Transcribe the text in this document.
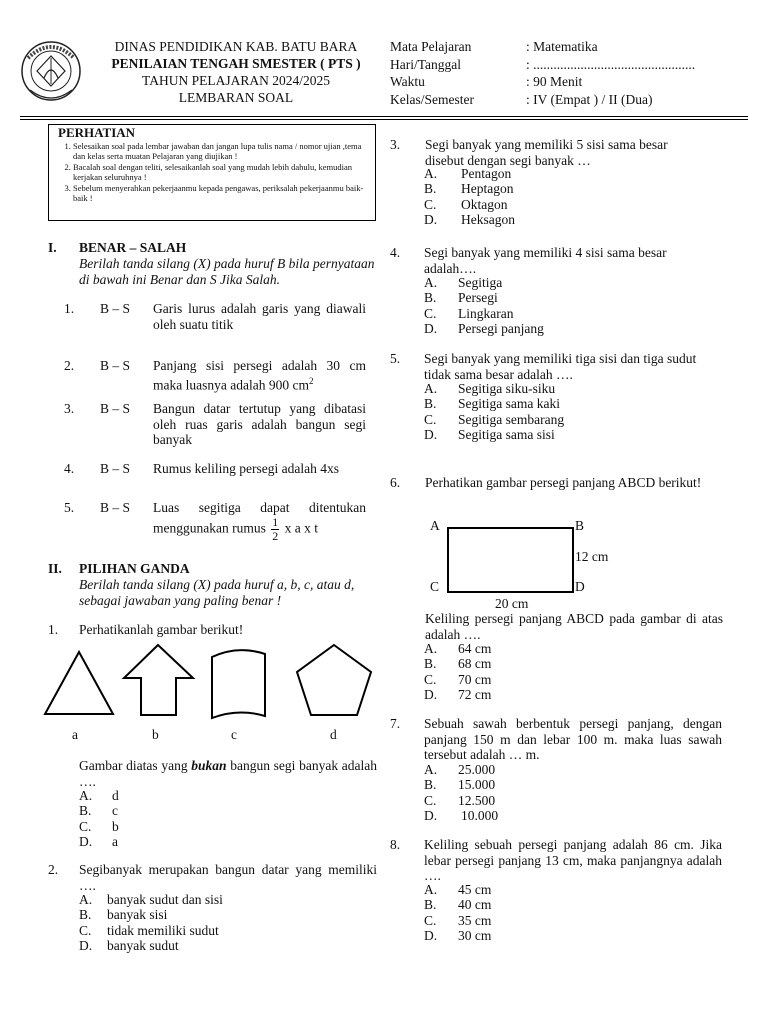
DINAS PENDIDIKAN KAB. BATU BARA
PENILAIAN TENGAH SMESTER ( PTS )
TAHUN PELAJARAN 2024/2025
LEMBARAN SOAL
Mata Pelajaran	: Matematika
Hari/Tanggal	: ................................................
Waktu	: 90 Menit
Kelas/Semester	: IV (Empat ) / II (Dua)
PERHATIAN
1. Selesaikan soal pada lembar jawaban dan jangan lupa tulis nama / nomor ujian ,tema dan kelas serta muatan Pelajaran yang diujikan !
2. Bacalah soal dengan teliti, selesaikanlah soal yang mudah lebih dahulu, kemudian kerjakan seluruhnya !
3. Sebelum menyerahkan pekerjaanmu kepada pengawas, periksalah pekerjaanmu baik-baik !
I. BENAR – SALAH
Berilah tanda silang (X) pada huruf B bila pernyataan di bawah ini Benar dan S Jika Salah.
1. B – S Garis lurus adalah garis yang diawali oleh suatu titik
2. B – S Panjang sisi persegi adalah 30 cm maka luasnya adalah 900 $cm^2$
3. B – S Bangun datar tertutup yang dibatasi oleh ruas garis adalah bangun segi banyak
4. B – S Rumus keliling persegi adalah 4xs
5. B – S Luas segitiga dapat ditentukan
menggunakan rumus $\frac{1}{2}$ x a x t
II. PILIHAN GANDA
Berilah tanda silang (X) pada huruf a, b, c, atau d, sebagai jawaban yang paling benar !
1. Perhatikanlah gambar berikut!
a	b	c	d
Gambar diatas yang bukan bangun segi banyak adalah ….
A. d
B. c
C. b
D. a
2. Segibanyak merupakan bangun datar yang memiliki ….
A. banyak sudut dan sisi
B. banyak sisi
C. tidak memiliki sudut
D. banyak sudut
3. Segi banyak yang memiliki 5 sisi sama besar disebut dengan segi banyak …
A. Pentagon
B. Heptagon
C. Oktagon
D. Heksagon
4. Segi banyak yang memiliki 4 sisi sama besar adalah….
A. Segitiga
B. Persegi
C. Lingkaran
D. Persegi panjang
5. Segi banyak yang memiliki tiga sisi dan tiga sudut tidak sama besar adalah ….
A. Segitiga siku-siku
B. Segitiga sama kaki
C. Segitiga sembarang
D. Segitiga sama sisi
6. Perhatikan gambar persegi panjang ABCD berikut!
A	B
C	D
12 cm
20 cm
Keliling persegi panjang ABCD pada gambar di atas adalah ….
A. 64 cm
B. 68 cm
C. 70 cm
D. 72 cm
7. Sebuah sawah berbentuk persegi panjang, dengan panjang 150 m dan lebar 100 m. maka luas sawah tersebut adalah … m.
A. 25.000
B. 15.000
C. 12.500
D. 10.000
8. Keliling sebuah persegi panjang adalah 86 cm. Jika lebar persegi panjang 13 cm, maka panjangnya adalah ….
A. 45 cm
B. 40 cm
C. 35 cm
D. 30 cm
